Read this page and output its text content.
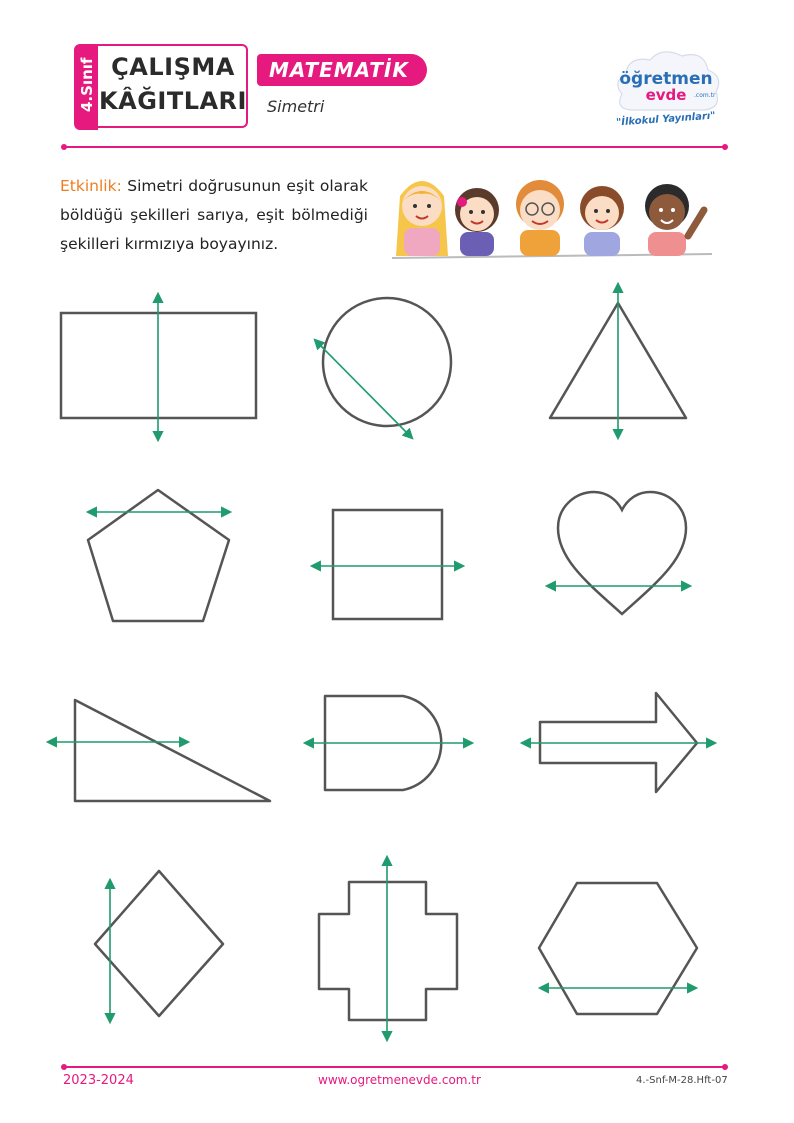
4.Sınıf ÇALIŞMA
KÂĞITLARI
MATEMATİK
Simetri
öğretmen
evde .com.tr
"İlkokul Yayınları"
Etkinlik: Simetri doğrusunun eşit olarak böldüğü şekilleri sarıya, eşit bölmediği şekilleri kırmızıya boyayınız.
2023-2024	www.ogretmenevde.com.tr	4.-Snf-M-28.Hft-07
